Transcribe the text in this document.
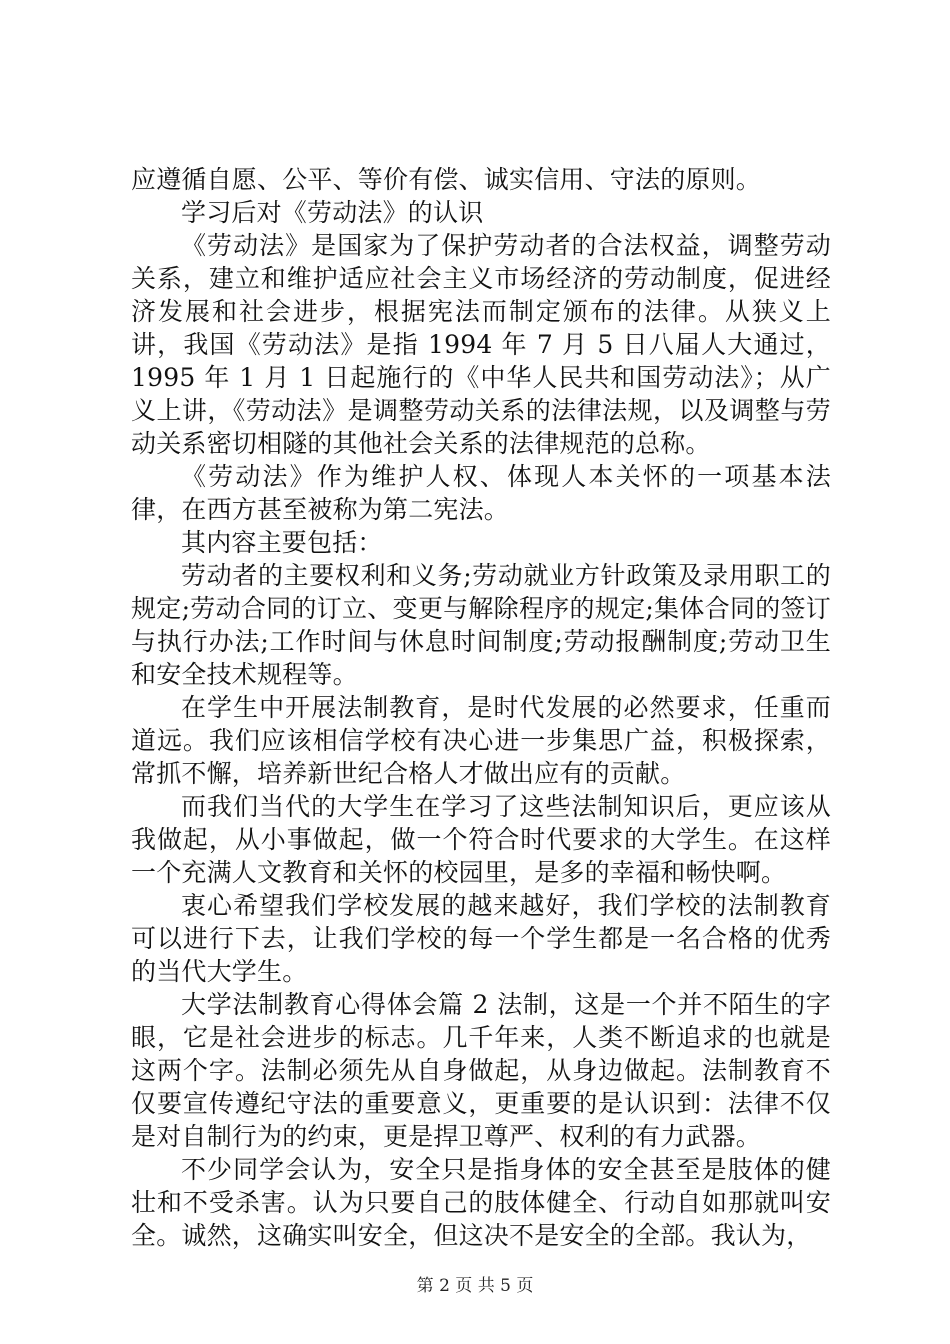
应遵循自愿、公平、等价有偿、诚实信用、守法的原则。

学习后对《劳动法》的认识

《劳动法》是国家为了保护劳动者的合法权益，调整劳动关系，建立和维护适应社会主义市场经济的劳动制度，促进经济发展和社会进步，根据宪法而制定颁布的法律。从狭义上讲，我国《劳动法》是指 1994 年 7 月 5 日八届人大通过，1995 年 1 月 1 日起施行的《中华人民共和国劳动法》；从广义上讲，《劳动法》是调整劳动关系的法律法规，以及调整与劳动关系密切相隧的其他社会关系的法律规范的总称。

《劳动法》作为维护人权、体现人本关怀的一项基本法律，在西方甚至被称为第二宪法。

其内容主要包括：

劳动者的主要权利和义务;劳动就业方针政策及录用职工的规定;劳动合同的订立、变更与解除程序的规定;集体合同的签订与执行办法;工作时间与休息时间制度;劳动报酬制度;劳动卫生和安全技术规程等。

在学生中开展法制教育，是时代发展的必然要求，任重而道远。我们应该相信学校有决心进一步集思广益，积极探索，常抓不懈，培养新世纪合格人才做出应有的贡献。

而我们当代的大学生在学习了这些法制知识后，更应该从我做起，从小事做起，做一个符合时代要求的大学生。在这样一个充满人文教育和关怀的校园里，是多的幸福和畅快啊。

衷心希望我们学校发展的越来越好，我们学校的法制教育可以进行下去，让我们学校的每一个学生都是一名合格的优秀的当代大学生。

大学法制教育心得体会篇 2 法制，这是一个并不陌生的字眼，它是社会进步的标志。几千年来，人类不断追求的也就是这两个字。法制必须先从自身做起，从身边做起。法制教育不仅要宣传遵纪守法的重要意义，更重要的是认识到：法律不仅是对自制行为的约束，更是捍卫尊严、权利的有力武器。

不少同学会认为，安全只是指身体的安全甚至是肢体的健壮和不受杀害。认为只要自己的肢体健全、行动自如那就叫安全。诚然，这确实叫安全，但这决不是安全的全部。我认为，

第 2 页 共 5 页
